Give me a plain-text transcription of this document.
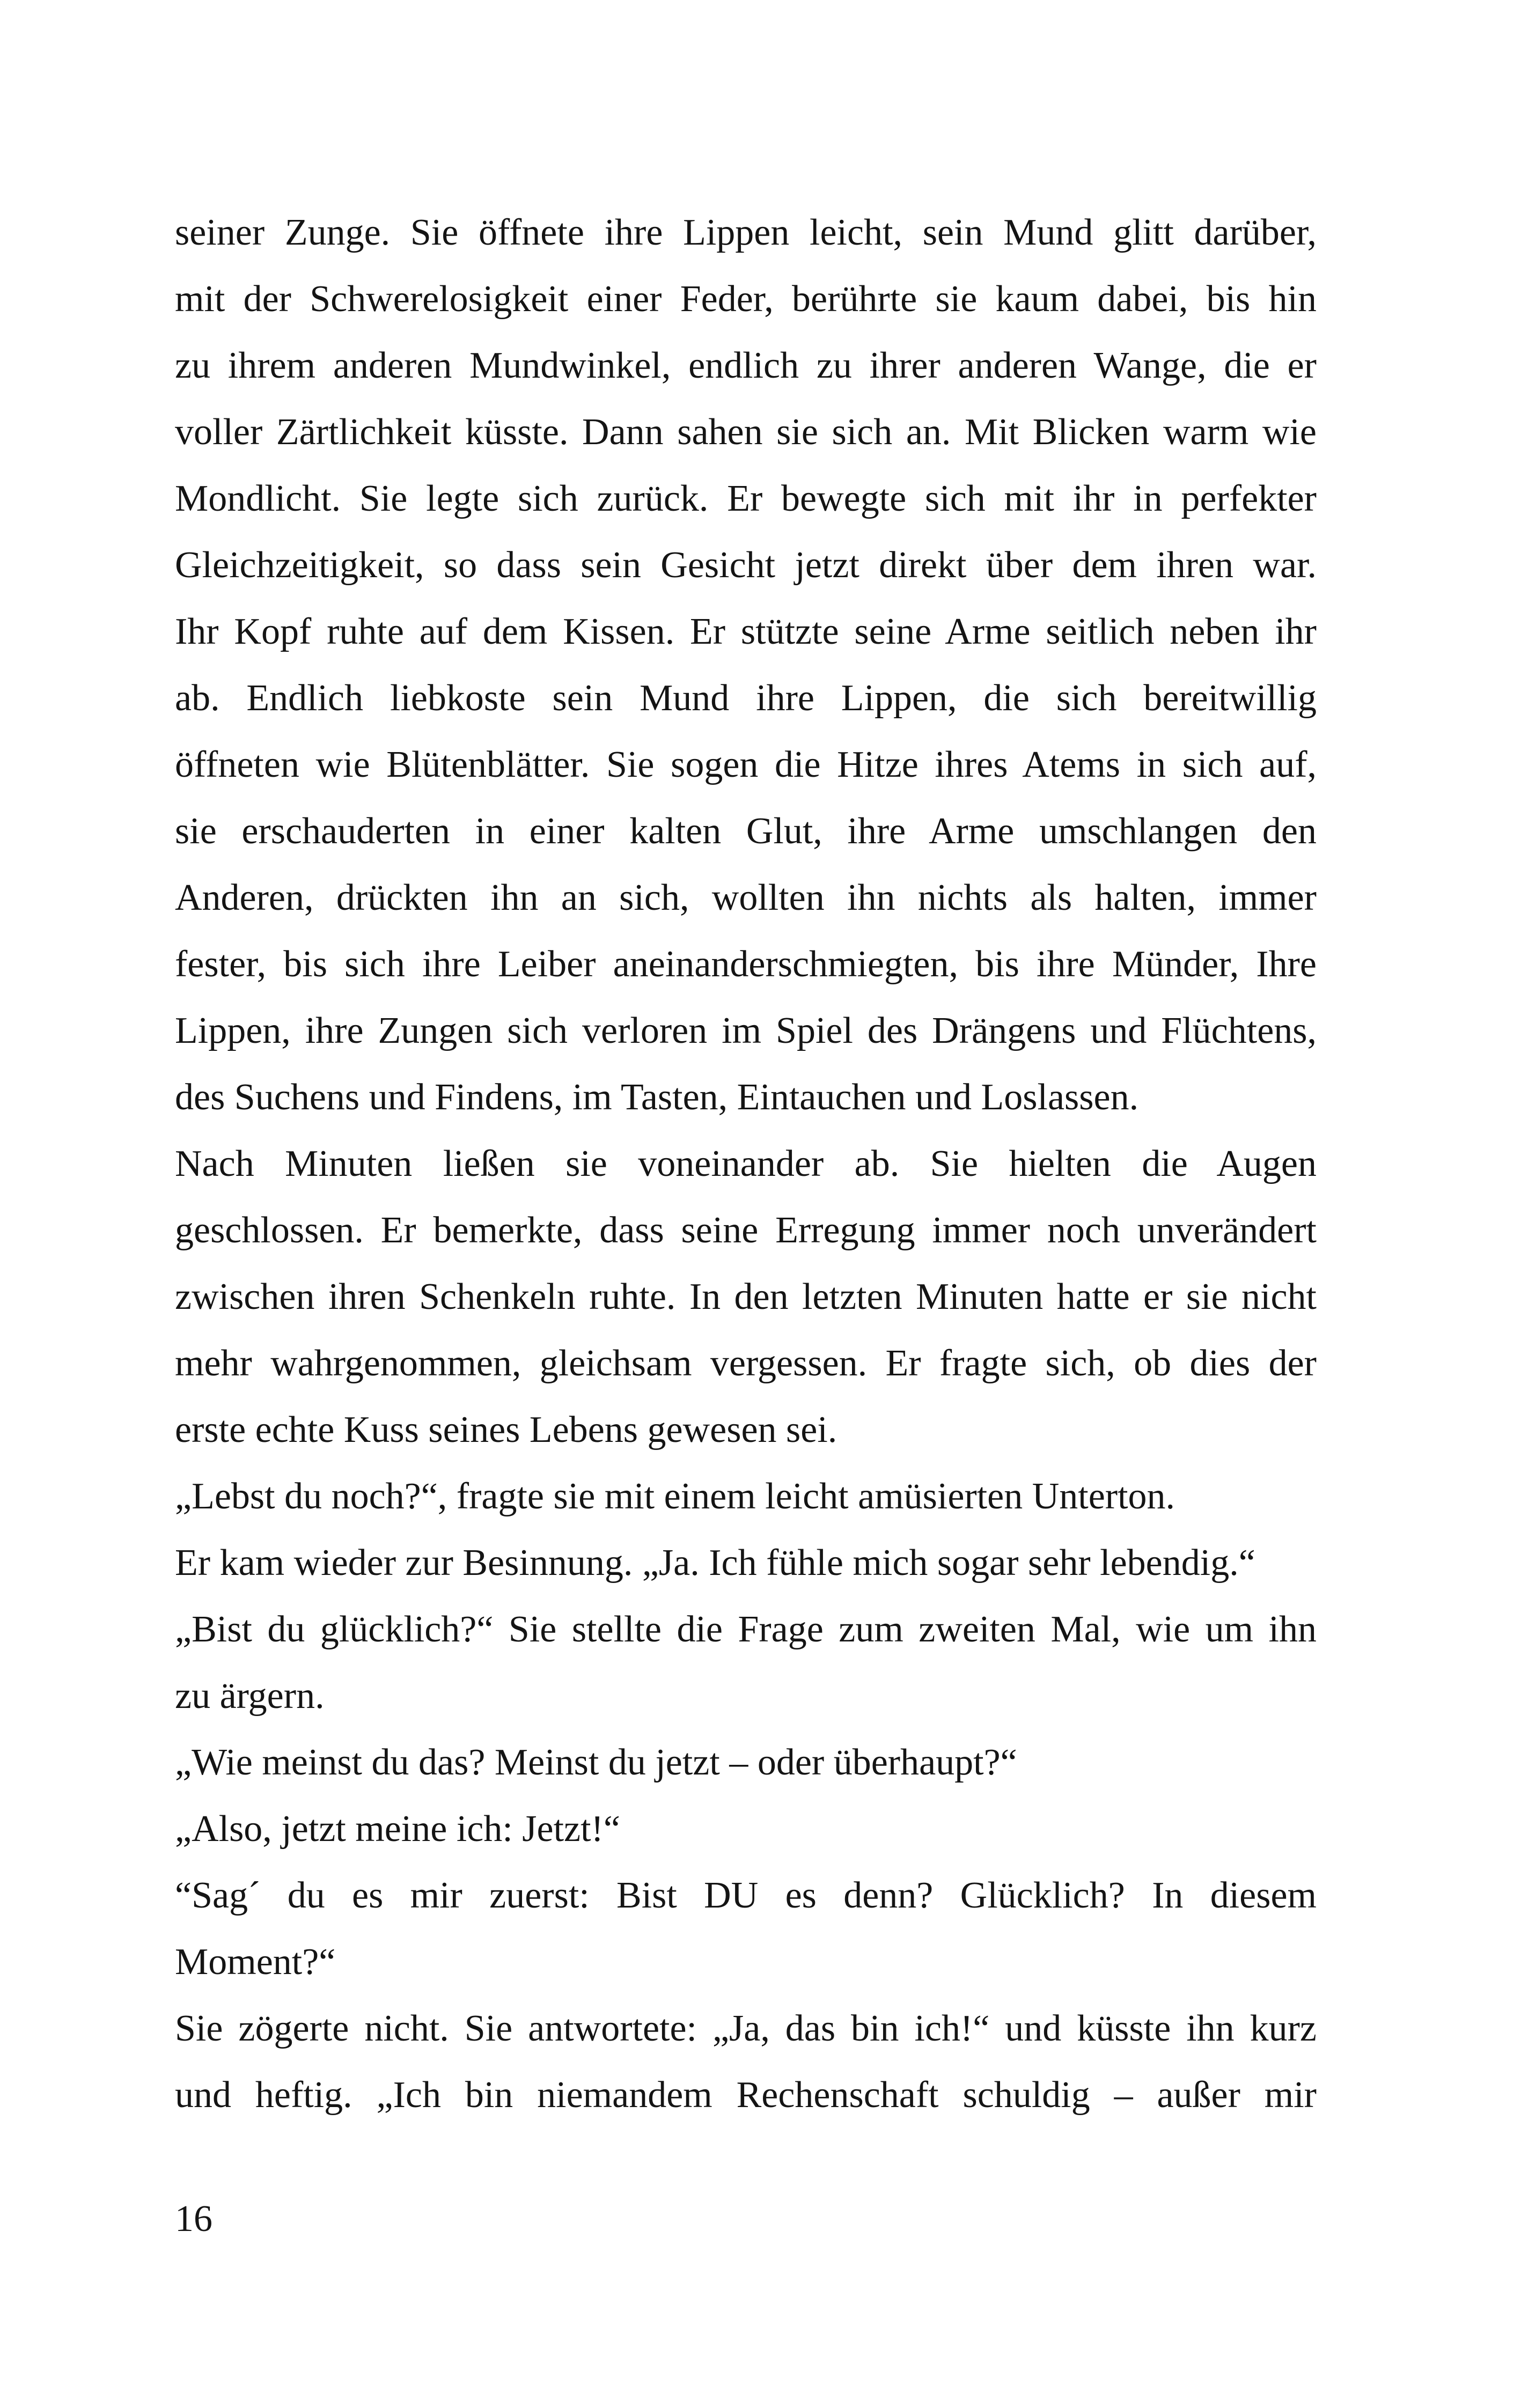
seiner Zunge. Sie öffnete ihre Lippen leicht, sein Mund glitt darüber,
mit der Schwerelosigkeit einer Feder, berührte sie kaum dabei, bis hin
zu ihrem anderen Mundwinkel, endlich zu ihrer anderen Wange, die er
voller Zärtlichkeit küsste. Dann sahen sie sich an. Mit Blicken warm wie
Mondlicht. Sie legte sich zurück. Er bewegte sich mit ihr in perfekter
Gleichzeitigkeit, so dass sein Gesicht jetzt direkt über dem ihren war.
Ihr Kopf ruhte auf dem Kissen. Er stützte seine Arme seitlich neben ihr
ab. Endlich liebkoste sein Mund ihre Lippen, die sich bereitwillig
öffneten wie Blütenblätter. Sie sogen die Hitze ihres Atems in sich auf,
sie erschauderten in einer kalten Glut, ihre Arme umschlangen den
Anderen, drückten ihn an sich, wollten ihn nichts als halten, immer
fester, bis sich ihre Leiber aneinanderschmiegten, bis ihre Münder, Ihre
Lippen, ihre Zungen sich verloren im Spiel des Drängens und Flüchtens,
des Suchens und Findens, im Tasten, Eintauchen und Loslassen.
Nach Minuten ließen sie voneinander ab. Sie hielten die Augen
geschlossen. Er bemerkte, dass seine Erregung immer noch unverändert
zwischen ihren Schenkeln ruhte. In den letzten Minuten hatte er sie nicht
mehr wahrgenommen, gleichsam vergessen. Er fragte sich, ob dies der
erste echte Kuss seines Lebens gewesen sei.
„Lebst du noch?“, fragte sie mit einem leicht amüsierten Unterton.
Er kam wieder zur Besinnung. „Ja. Ich fühle mich sogar sehr lebendig.“
„Bist du glücklich?“ Sie stellte die Frage zum zweiten Mal, wie um ihn
zu ärgern.
„Wie meinst du das? Meinst du jetzt – oder überhaupt?“
„Also, jetzt meine ich: Jetzt!“
“Sag´ du es mir zuerst: Bist DU es denn? Glücklich? In diesem
Moment?“
Sie zögerte nicht. Sie antwortete: „Ja, das bin ich!“ und küsste ihn kurz
und heftig. „Ich bin niemandem Rechenschaft schuldig – außer mir
16
